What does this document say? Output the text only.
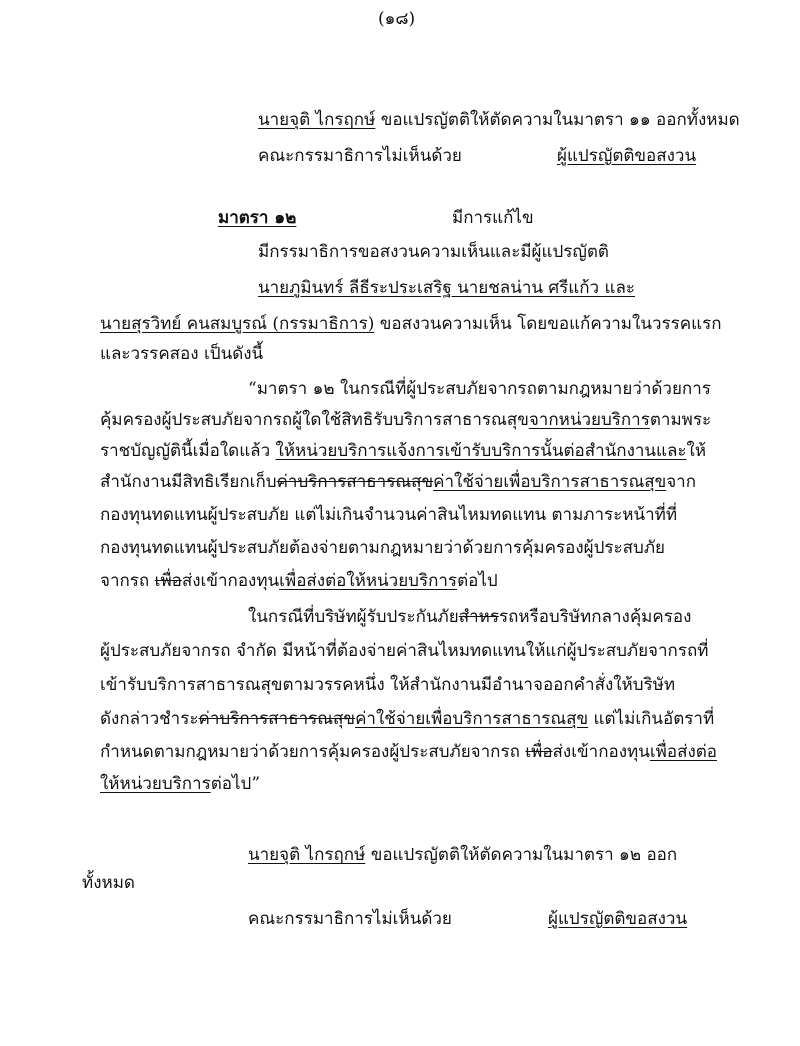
(๑๘)
นายจุติ ไกรฤกษ์ ขอแปรญัตติให้ตัดความในมาตรา ๑๑ ออกทั้งหมด
คณะกรรมาธิการไม่เห็นด้วย	ผู้แปรญัตติขอสงวน
มาตรา ๑๒	มีการแก้ไข
มีกรรมาธิการขอสงวนความเห็นและมีผู้แปรญัตติ
นายภูมินทร์ ลีธีระประเสริฐ นายชลน่าน ศรีแก้ว และ
นายสุรวิทย์ คนสมบูรณ์ (กรรมาธิการ) ขอสงวนความเห็น โดยขอแก้ความในวรรคแรก
และวรรคสอง เป็นดังนี้
“มาตรา ๑๒ ในกรณีที่ผู้ประสบภัยจากรถตามกฎหมายว่าด้วยการ
คุ้มครองผู้ประสบภัยจากรถผู้ใดใช้สิทธิรับบริการสาธารณสุขจากหน่วยบริการตามพระ
ราชบัญญัตินี้เมื่อใดแล้ว ให้หน่วยบริการแจ้งการเข้ารับบริการนั้นต่อสำนักงานและให้
สำนักงานมีสิทธิเรียกเก็บค่าบริการสาธารณสุขค่าใช้จ่ายเพื่อบริการสาธารณสุขจาก
กองทุนทดแทนผู้ประสบภัย แต่ไม่เกินจำนวนค่าสินไหมทดแทน ตามภาระหน้าที่ที่
กองทุนทดแทนผู้ประสบภัยต้องจ่ายตามกฎหมายว่าด้วยการคุ้มครองผู้ประสบภัย
จากรถ เพื่อส่งเข้ากองทุนเพื่อส่งต่อให้หน่วยบริการต่อไป
ในกรณีที่บริษัทผู้รับประกันภัยสำหรรถหรือบริษัทกลางคุ้มครอง
ผู้ประสบภัยจากรถ จำกัด มีหน้าที่ต้องจ่ายค่าสินไหมทดแทนให้แก่ผู้ประสบภัยจากรถที่
เข้ารับบริการสาธารณสุขตามวรรคหนึ่ง ให้สำนักงานมีอำนาจออกคำสั่งให้บริษัท
ดังกล่าวชำระค่าบริการสาธารณสุขค่าใช้จ่ายเพื่อบริการสาธารณสุข แต่ไม่เกินอัตราที่
กำหนดตามกฎหมายว่าด้วยการคุ้มครองผู้ประสบภัยจากรถ เพื่อส่งเข้ากองทุนเพื่อส่งต่อ
ให้หน่วยบริการต่อไป”
นายจุติ ไกรฤกษ์ ขอแปรญัตติให้ตัดความในมาตรา ๑๒ ออก
ทั้งหมด
คณะกรรมาธิการไม่เห็นด้วย	ผู้แปรญัตติขอสงวน
